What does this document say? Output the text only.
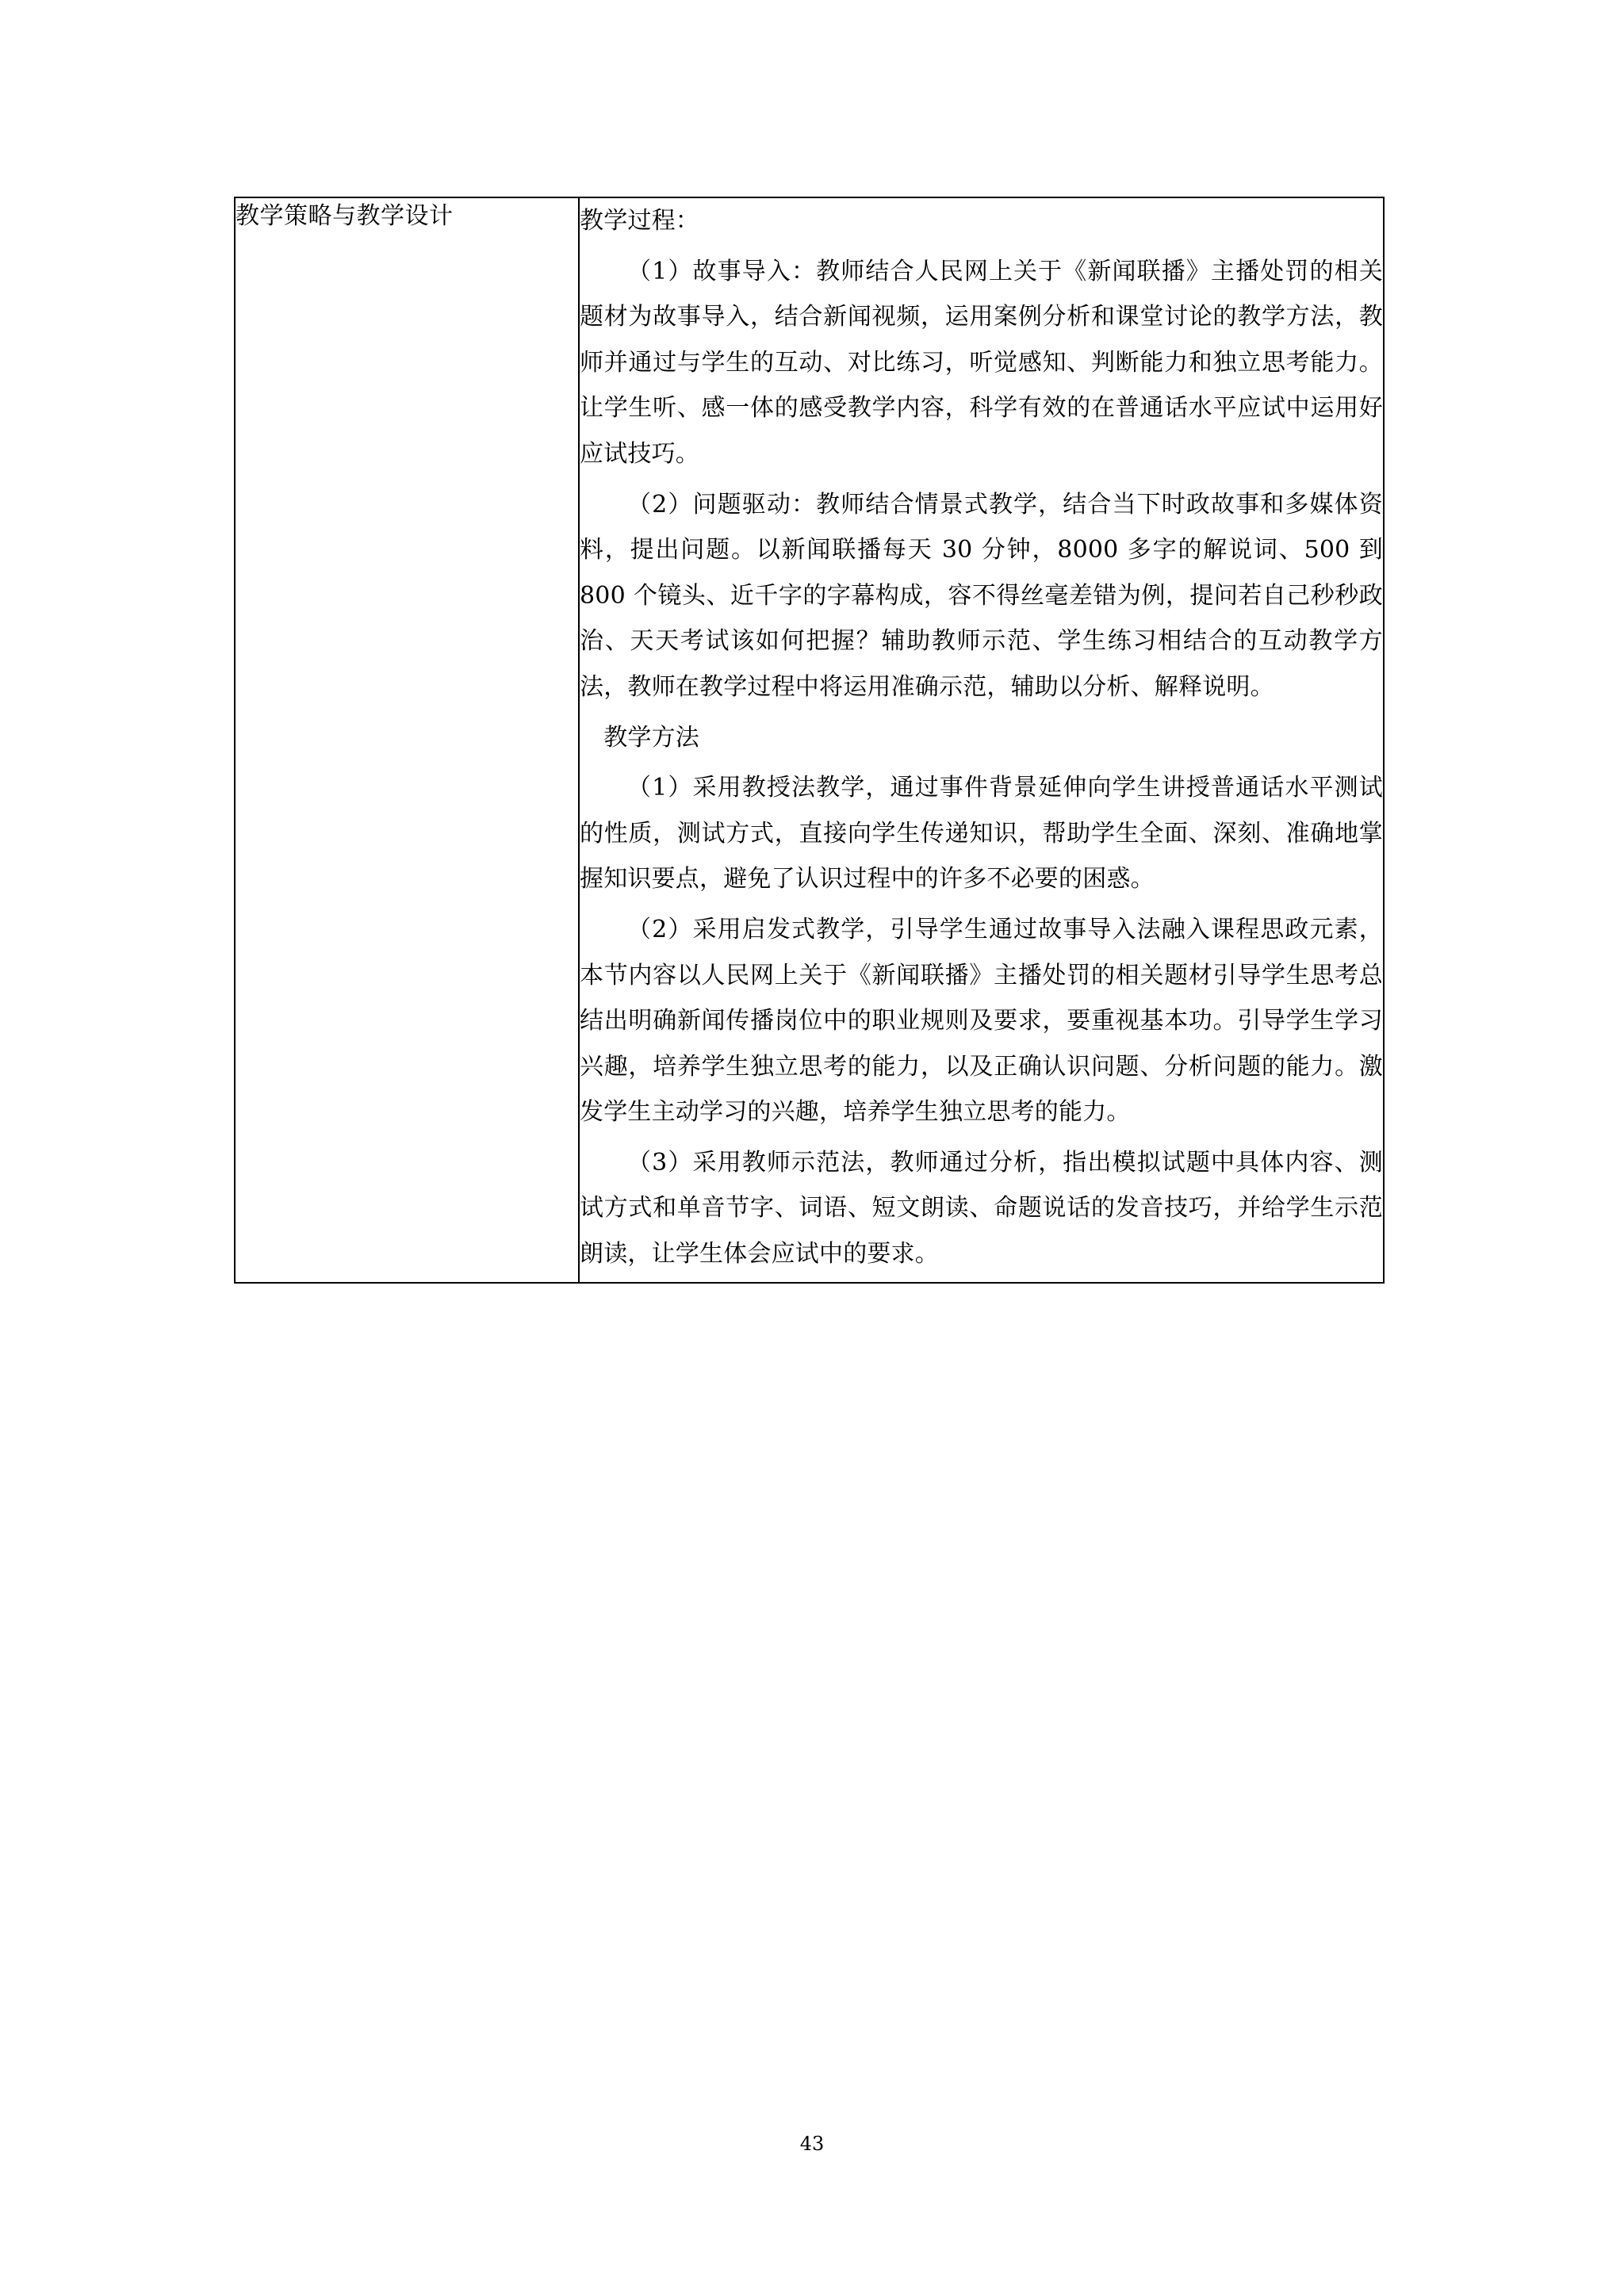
教学策略与教学设计	教学过程：

（1）故事导入：教师结合人民网上关于《新闻联播》主播处罚的相关题材为故事导入，结合新闻视频，运用案例分析和课堂讨论的教学方法，教师并通过与学生的互动、对比练习，听觉感知、判断能力和独立思考能力。让学生听、感一体的感受教学内容，科学有效的在普通话水平应试中运用好应试技巧。

（2）问题驱动：教师结合情景式教学，结合当下时政故事和多媒体资料，提出问题。以新闻联播每天 30 分钟，8000 多字的解说词、500 到 800 个镜头、近千字的字幕构成，容不得丝毫差错为例，提问若自己秒秒政治、天天考试该如何把握？辅助教师示范、学生练习相结合的互动教学方法，教师在教学过程中将运用准确示范，辅助以分析、解释说明。

　教学方法

（1）采用教授法教学，通过事件背景延伸向学生讲授普通话水平测试的性质，测试方式，直接向学生传递知识，帮助学生全面、深刻、准确地掌握知识要点，避免了认识过程中的许多不必要的困惑。

（2）采用启发式教学，引导学生通过故事导入法融入课程思政元素，本节内容以人民网上关于《新闻联播》主播处罚的相关题材引导学生思考总结出明确新闻传播岗位中的职业规则及要求，要重视基本功。引导学生学习兴趣，培养学生独立思考的能力，以及正确认识问题、分析问题的能力。激发学生主动学习的兴趣，培养学生独立思考的能力。

（3）采用教师示范法，教师通过分析，指出模拟试题中具体内容、测试方式和单音节字、词语、短文朗读、命题说话的发音技巧，并给学生示范朗读，让学生体会应试中的要求。

43
